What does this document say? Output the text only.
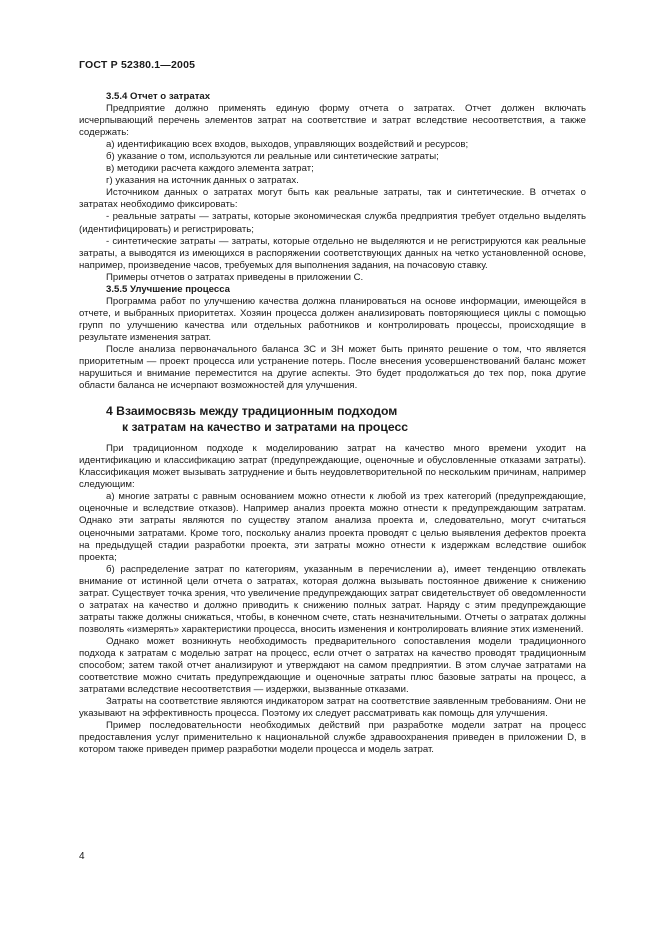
ГОСТ Р 52380.1—2005

3.5.4 Отчет о затратах

Предприятие должно применять единую форму отчета о затратах. Отчет должен включать исчерпывающий перечень элементов затрат на соответствие и затрат вследствие несоответствия, а также содержать:

а) идентификацию всех входов, выходов, управляющих воздействий и ресурсов;

б) указание о том, используются ли реальные или синтетические затраты;

в) методики расчета каждого элемента затрат;

г) указания на источник данных о затратах.

Источником данных о затратах могут быть как реальные затраты, так и синтетические. В отчетах о затратах необходимо фиксировать:

- реальные затраты — затраты, которые экономическая служба предприятия требует отдельно выделять (идентифицировать) и регистрировать;

- синтетические затраты — затраты, которые отдельно не выделяются и не регистрируются как реальные затраты, а выводятся из имеющихся в распоряжении соответствующих данных на четко установленной основе, например, произведение часов, требуемых для выполнения задания, на почасовую ставку.

Примеры отчетов о затратах приведены в приложении С.

3.5.5 Улучшение процесса

Программа работ по улучшению качества должна планироваться на основе информации, имеющейся в отчете, и выбранных приоритетах. Хозяин процесса должен анализировать повторяющиеся циклы с помощью групп по улучшению качества или отдельных работников и контролировать процессы, происходящие в результате изменения затрат.

После анализа первоначального баланса ЗС и ЗН может быть принято решение о том, что является приоритетным — проект процесса или устранение потерь. После внесения усовершенствований баланс может нарушиться и внимание переместится на другие аспекты. Это будет продолжаться до тех пор, пока другие области баланса не исчерпают возможностей для улучшения.

4 Взаимосвязь между традиционным подходом
к затратам на качество и затратами на процесс

При традиционном подходе к моделированию затрат на качество много времени уходит на идентификацию и классификацию затрат (предупреждающие, оценочные и обусловленные отказами затраты). Классификация может вызывать затруднение и быть неудовлетворительной по нескольким причинам, например следующим:

а) многие затраты с равным основанием можно отнести к любой из трех категорий (предупреждающие, оценочные и вследствие отказов). Например анализ проекта можно отнести к предупреждающим затратам. Однако эти затраты являются по существу этапом анализа проекта и, следовательно, могут считаться оценочными затратами. Кроме того, поскольку анализ проекта проводят с целью выявления дефектов проекта на предыдущей стадии разработки проекта, эти затраты можно отнести к издержкам вследствие ошибок проекта;

б) распределение затрат по категориям, указанным в перечислении а), имеет тенденцию отвлекать внимание от истинной цели отчета о затратах, которая должна вызывать постоянное движение к снижению затрат. Существует точка зрения, что увеличение предупреждающих затрат свидетельствует об оведомленности о затратах на качество и должно приводить к снижению полных затрат. Наряду с этим предупреждающие затраты также должны снижаться, чтобы, в конечном счете, стать незначительными. Отчеты о затратах должны позволять «измерять» характеристики процесса, вносить изменения и контролировать влияние этих изменений.

Однако может возникнуть необходимость предварительного сопоставления модели традиционного подхода к затратам с моделью затрат на процесс, если отчет о затратах на качество проводят традиционным способом; затем такой отчет анализируют и утверждают на самом предприятии. В этом случае затратами на соответствие можно считать предупреждающие и оценочные затраты плюс базовые затраты на процесс, а затратами вследствие несоответствия — издержки, вызванные отказами.

Затраты на соответствие являются индикатором затрат на соответствие заявленным требованиям. Они не указывают на эффективность процесса. Поэтому их следует рассматривать как помощь для улучшения.

Пример последовательности необходимых действий при разработке модели затрат на процесс предоставления услуг применительно к национальной службе здравоохранения приведен в приложении D, в котором также приведен пример разработки модели процесса и модель затрат.

4
